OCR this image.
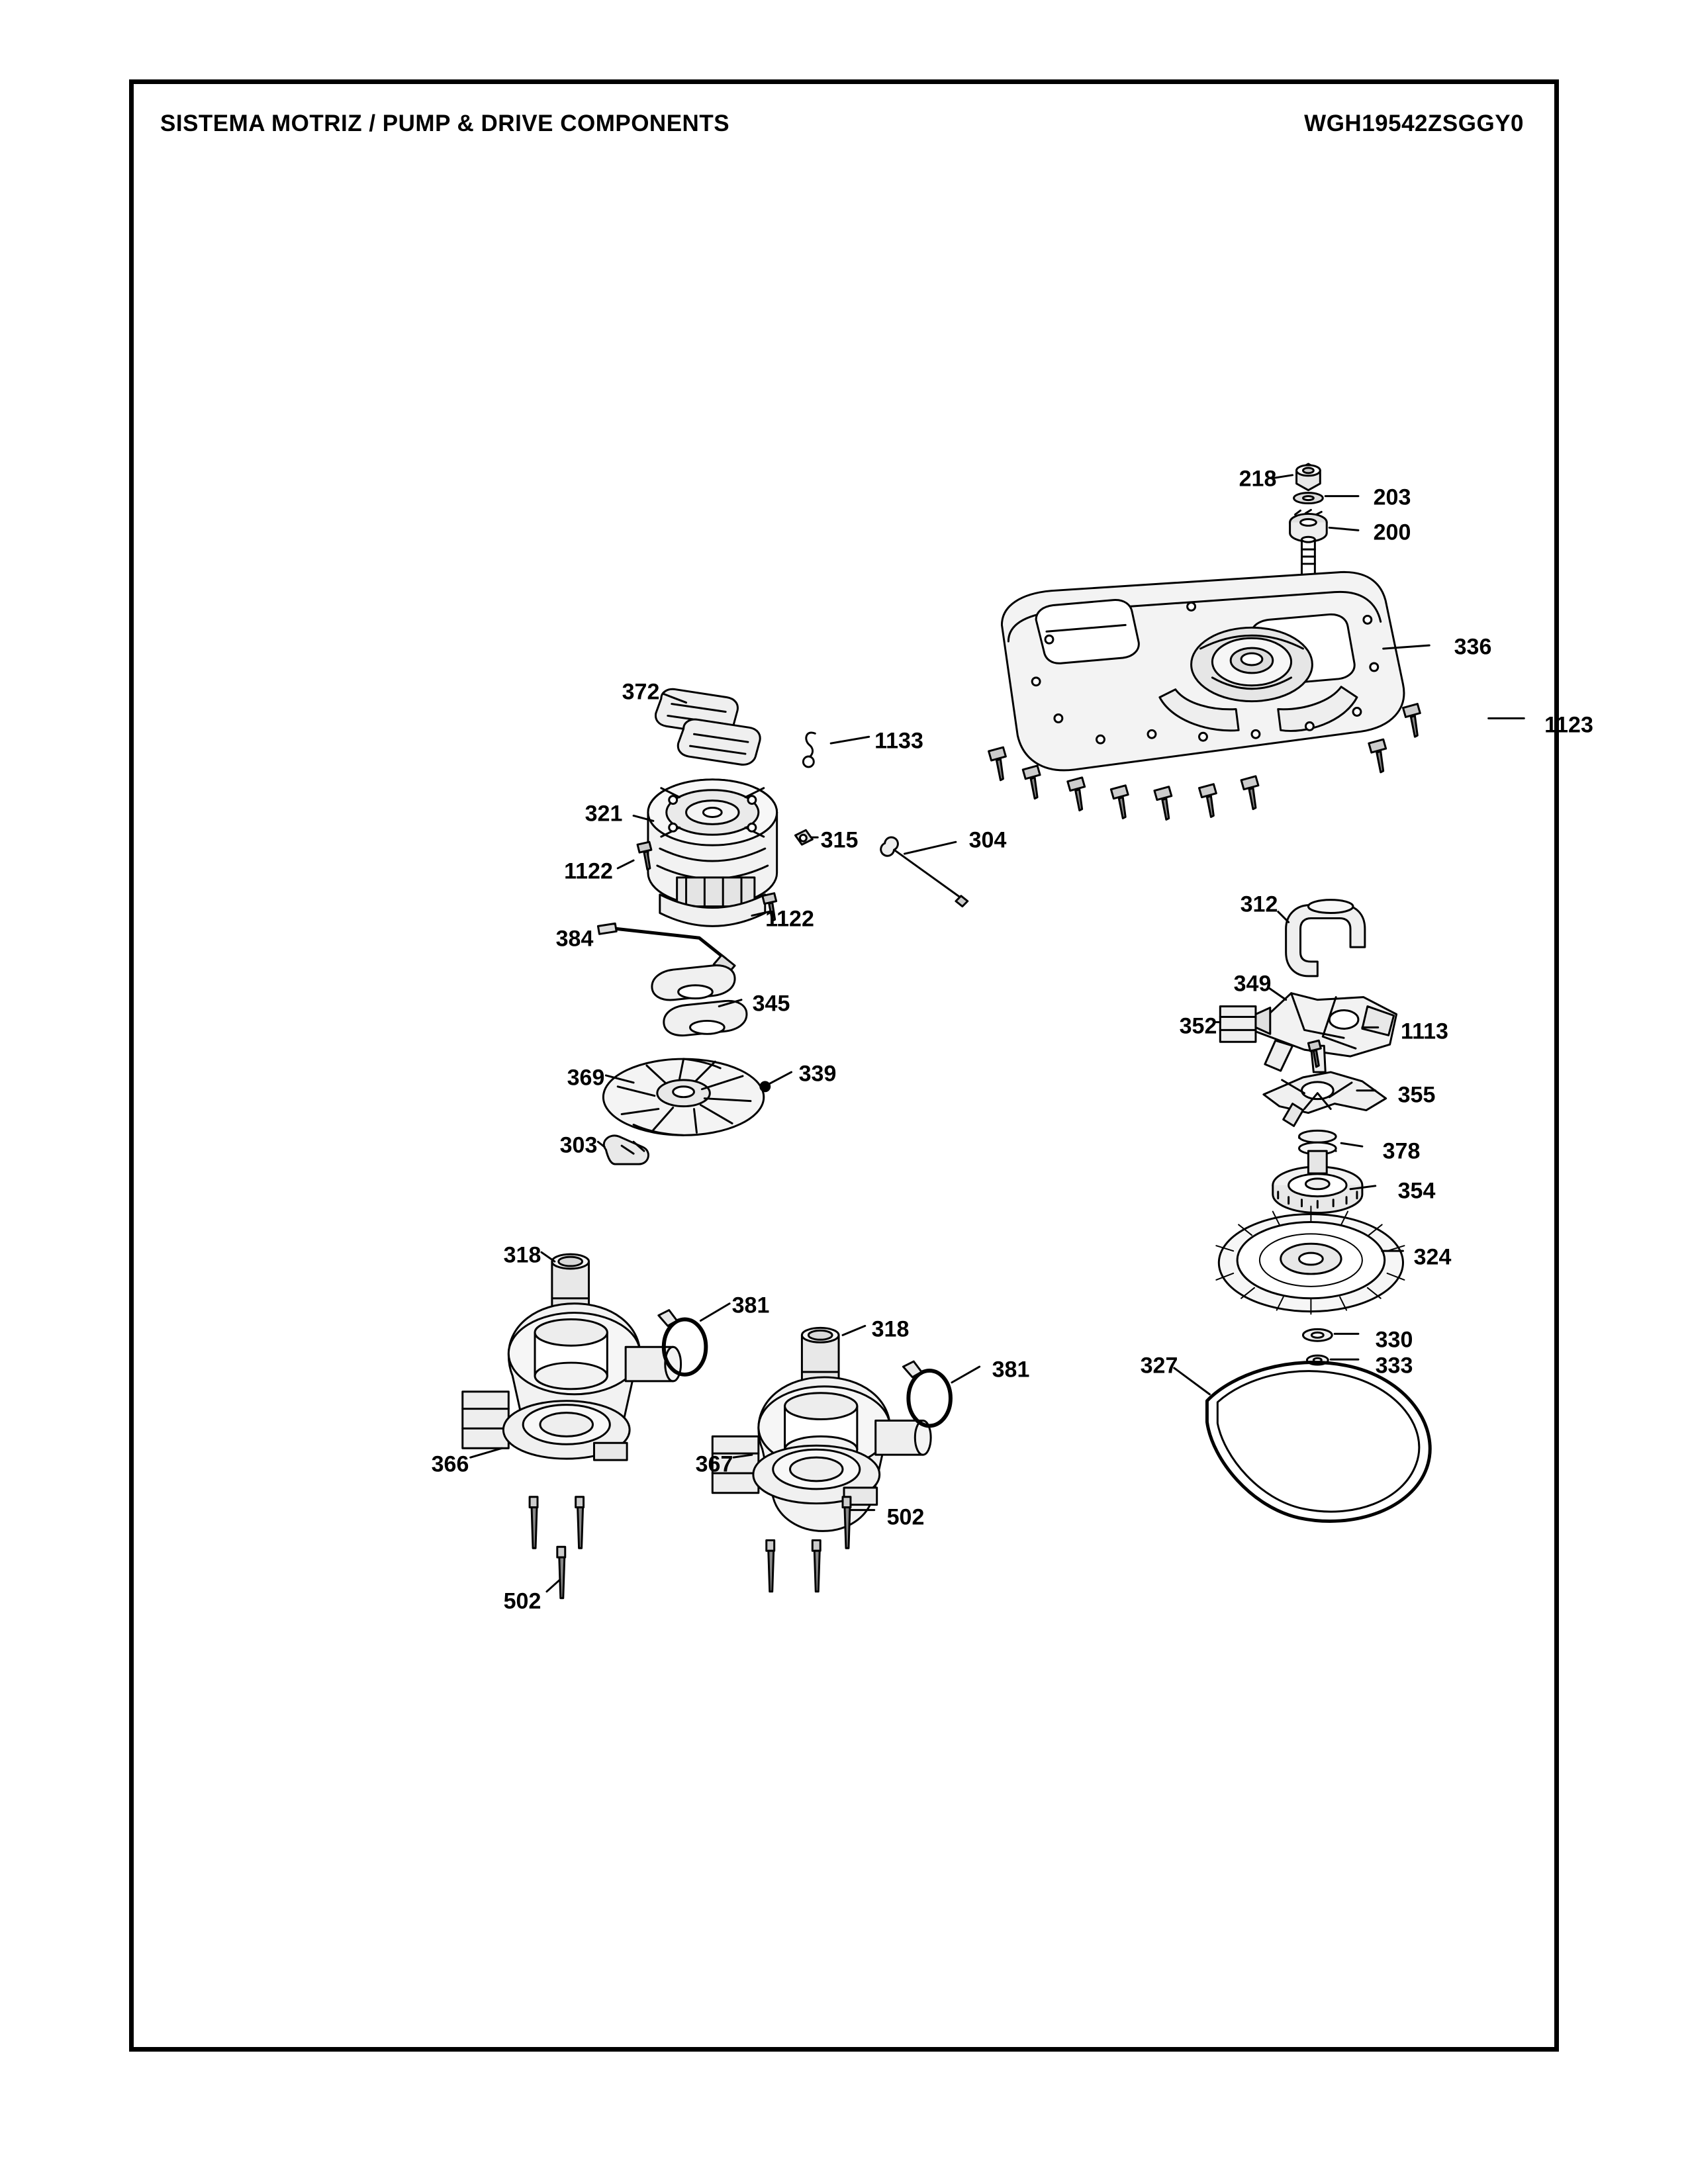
SISTEMA MOTRIZ / PUMP & DRIVE COMPONENTS	WGH19542ZSGGY0
218
203
200
336
1123
372
1133
321
315	304
1122
1122
384
312
345
349
352	1113
369	339
355
303	378
354
318	324
381
318	330
327	333
381
366	367
502
502
